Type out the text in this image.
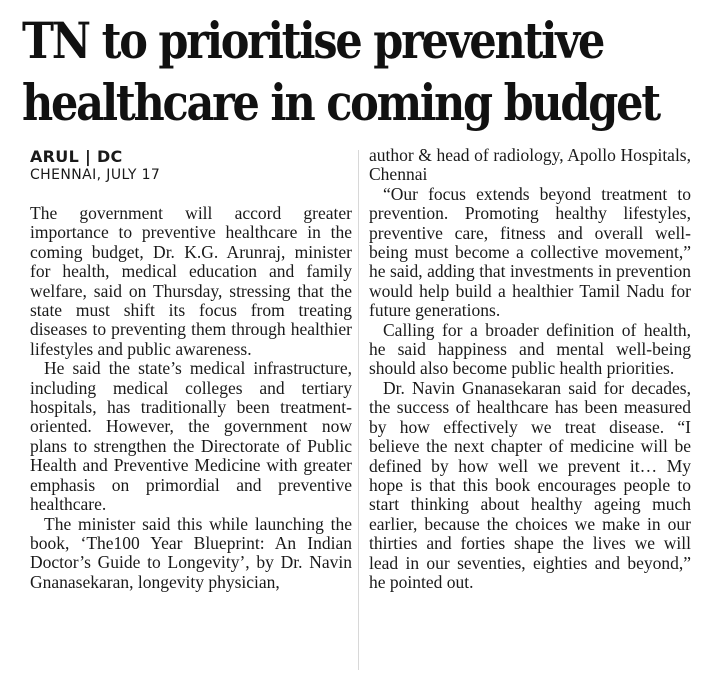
TN to prioritise preventive
healthcare in coming budget
ARUL | DC
CHENNAI, JULY 17

The government will accord greater importance to preventive healthcare in the coming budget, Dr. K.G. Arunraj, minister for health, medical education and family welfare, said on Thursday, stressing that the state must shift its focus from treating diseases to preventing them through healthier lifestyles and public awareness.

He said the state’s medical infrastructure, including medical colleges and tertiary hospitals, has traditionally been treatment-oriented. However, the government now plans to strengthen the Directorate of Public Health and Preventive Medicine with greater emphasis on primordial and preventive healthcare.

The minister said this while launching the book, ‘The100 Year Blueprint: An Indian Doctor’s Guide to Longevity’, by Dr. Navin Gnanasekaran, longevity physician,

author & head of radiology, Apollo Hospitals, Chennai

“Our focus extends beyond treatment to prevention. Promoting healthy lifestyles, preventive care, fitness and overall well-being must become a collective movement,” he said, adding that investments in prevention would help build a healthier Tamil Nadu for future generations.

Calling for a broader definition of health, he said happiness and mental well-being should also become public health priorities.

Dr. Navin Gnanasekaran said for decades, the success of healthcare has been measured by how effectively we treat disease. “I believe the next chapter of medicine will be defined by how well we prevent it… My hope is that this book encourages people to start thinking about healthy ageing much earlier, because the choices we make in our thirties and forties shape the lives we will lead in our seventies, eighties and beyond,” he pointed out.
